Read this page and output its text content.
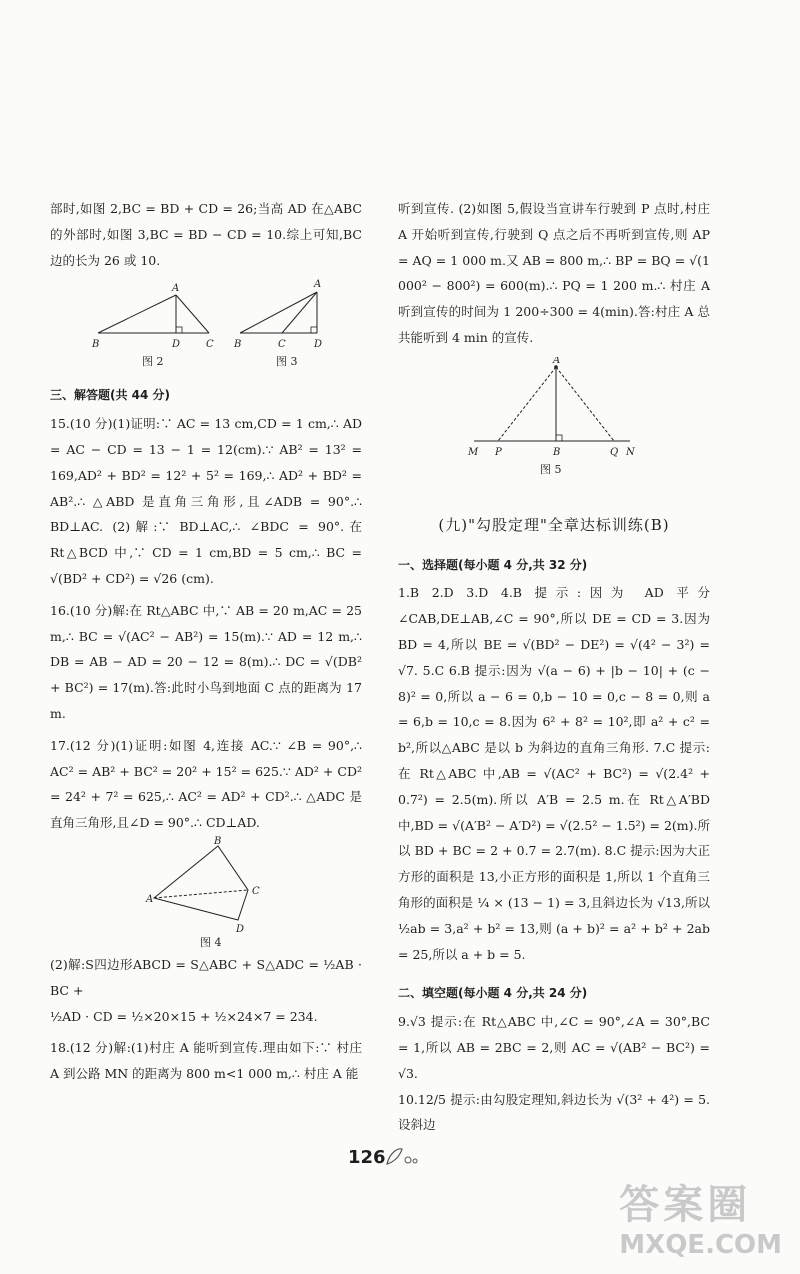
部时,如图 2,BC = BD + CD = 26;当高 AD 在△ABC 的外部时,如图 3,BC = BD − CD = 10.综上可知,BC 边的长为 26 或 10.

A
B	D	C
A
B	C	D
图 2	图 3
三、解答题(共 44 分)

15.(10 分)(1)证明:∵ AC = 13 cm,CD = 1 cm,∴ AD = AC − CD = 13 − 1 = 12(cm).∵ AB² = 13² = 169,AD² + BD² = 12² + 5² = 169,∴ AD² + BD² = AB².∴ △ABD 是直角三角形,且∠ADB = 90°.∴ BD⊥AC. (2)解:∵ BD⊥AC,∴ ∠BDC = 90°.在 Rt△BCD 中,∵ CD = 1 cm,BD = 5 cm,∴ BC = √(BD² + CD²) = √26 (cm).

16.(10 分)解:在 Rt△ABC 中,∵ AB = 20 m,AC = 25 m,∴ BC = √(AC² − AB²) = 15(m).∵ AD = 12 m,∴ DB = AB − AD = 20 − 12 = 8(m).∴ DC = √(DB² + BC²) = 17(m).答:此时小鸟到地面 C 点的距离为 17 m.

17.(12 分)(1)证明:如图 4,连接 AC.∵ ∠B = 90°,∴ AC² = AB² + BC² = 20² + 15² = 625.∵ AD² + CD² = 24² + 7² = 625,∴ AC² = AD² + CD².∴ △ADC 是直角三角形,且∠D = 90°.∴ CD⊥AD.

B
A
C
D
图 4

(2)解:S四边形ABCD = S△ABC + S△ADC = ½AB · BC +

½AD · CD = ½×20×15 + ½×24×7 = 234.

18.(12 分)解:(1)村庄 A 能听到宣传.理由如下:∵ 村庄 A 到公路 MN 的距离为 800 m<1 000 m,∴ 村庄 A 能

听到宣传. (2)如图 5,假设当宣讲车行驶到 P 点时,村庄 A 开始听到宣传,行驶到 Q 点之后不再听到宣传,则 AP = AQ = 1 000 m.又 AB = 800 m,∴ BP = BQ = √(1 000² − 800²) = 600(m).∴ PQ = 1 200 m.∴ 村庄 A 听到宣传的时间为 1 200÷300 = 4(min).答:村庄 A 总共能听到 4 min 的宣传.

A
M P	B	Q N
图 5
(九)"勾股定理"全章达标训练(B)
一、选择题(每小题 4 分,共 32 分)

1.B 2.D 3.D 4.B 提示:因为 AD 平分∠CAB,DE⊥AB,∠C = 90°,所以 DE = CD = 3.因为 BD = 4,所以 BE = √(BD² − DE²) = √(4² − 3²) = √7. 5.C 6.B 提示:因为 √(a − 6) + |b − 10| + (c − 8)² = 0,所以 a − 6 = 0,b − 10 = 0,c − 8 = 0,则 a = 6,b = 10,c = 8.因为 6² + 8² = 10²,即 a² + c² = b²,所以△ABC 是以 b 为斜边的直角三角形. 7.C 提示:在 Rt△ABC 中,AB = √(AC² + BC²) = √(2.4² + 0.7²) = 2.5(m).所以 A′B = 2.5 m.在 Rt△A′BD 中,BD = √(A′B² − A′D²) = √(2.5² − 1.5²) = 2(m).所以 BD + BC = 2 + 0.7 = 2.7(m). 8.C 提示:因为大正方形的面积是 13,小正方形的面积是 1,所以 1 个直角三角形的面积是 ¼ × (13 − 1) = 3,且斜边长为 √13,所以 ½ab = 3,a² + b² = 13,则 (a + b)² = a² + b² + 2ab = 25,所以 a + b = 5.

二、填空题(每小题 4 分,共 24 分)

9.√3 提示:在 Rt△ABC 中,∠C = 90°,∠A = 30°,BC = 1,所以 AB = 2BC = 2,则 AC = √(AB² − BC²) = √3.

10.12/5 提示:由勾股定理知,斜边长为 √(3² + 4²) = 5.设斜边

126
答案圈
MXQE.COM
